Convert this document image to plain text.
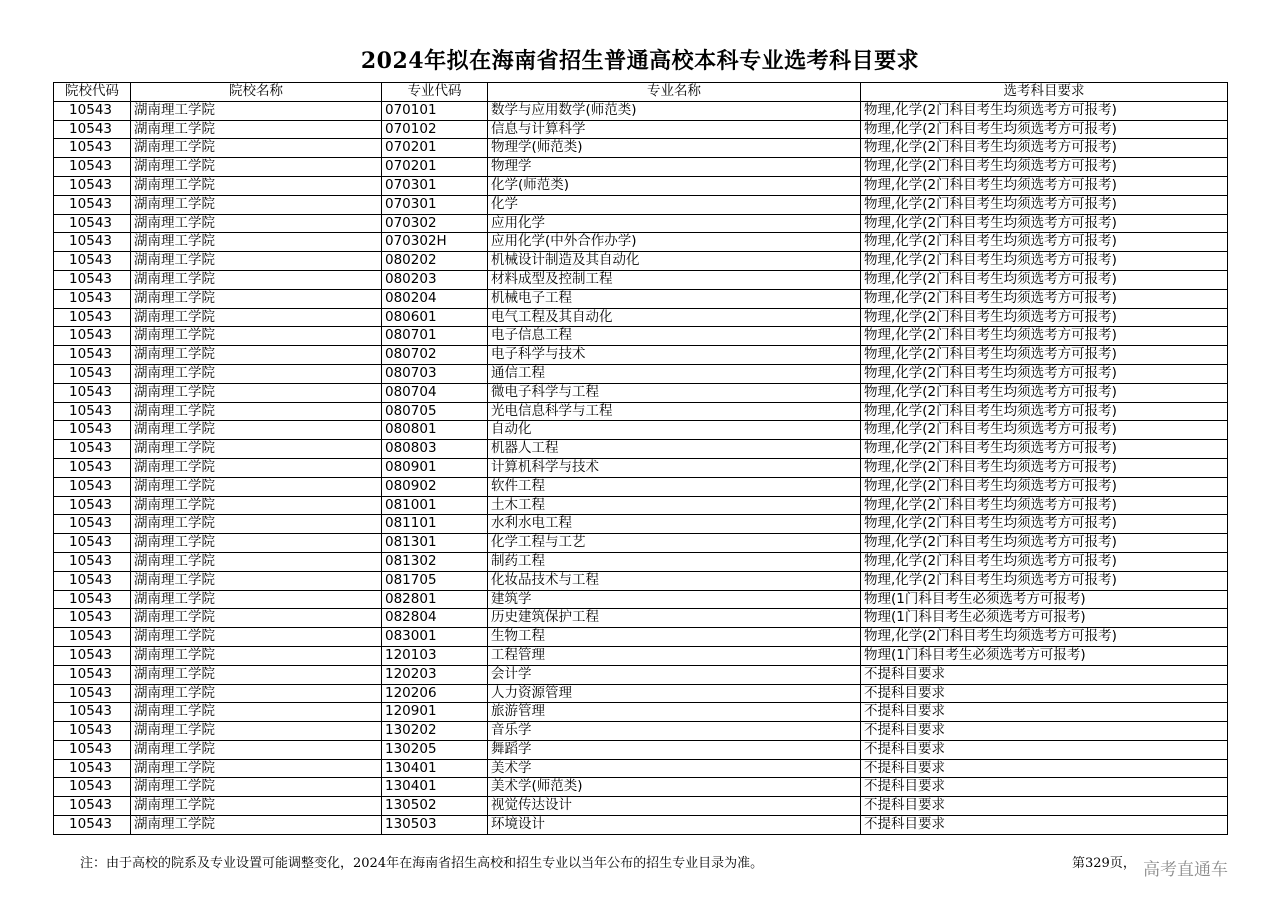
2024年拟在海南省招生普通高校本科专业选考科目要求
院校代码	院校名称	专业代码	专业名称	选考科目要求
10543	湖南理工学院	070101	数学与应用数学(师范类)	物理,化学(2门科目考生均须选考方可报考)
10543	湖南理工学院	070102	信息与计算科学	物理,化学(2门科目考生均须选考方可报考)
10543	湖南理工学院	070201	物理学(师范类)	物理,化学(2门科目考生均须选考方可报考)
10543	湖南理工学院	070201	物理学	物理,化学(2门科目考生均须选考方可报考)
10543	湖南理工学院	070301	化学(师范类)	物理,化学(2门科目考生均须选考方可报考)
10543	湖南理工学院	070301	化学	物理,化学(2门科目考生均须选考方可报考)
10543	湖南理工学院	070302	应用化学	物理,化学(2门科目考生均须选考方可报考)
10543	湖南理工学院	070302H	应用化学(中外合作办学)	物理,化学(2门科目考生均须选考方可报考)
10543	湖南理工学院	080202	机械设计制造及其自动化	物理,化学(2门科目考生均须选考方可报考)
10543	湖南理工学院	080203	材料成型及控制工程	物理,化学(2门科目考生均须选考方可报考)
10543	湖南理工学院	080204	机械电子工程	物理,化学(2门科目考生均须选考方可报考)
10543	湖南理工学院	080601	电气工程及其自动化	物理,化学(2门科目考生均须选考方可报考)
10543	湖南理工学院	080701	电子信息工程	物理,化学(2门科目考生均须选考方可报考)
10543	湖南理工学院	080702	电子科学与技术	物理,化学(2门科目考生均须选考方可报考)
10543	湖南理工学院	080703	通信工程	物理,化学(2门科目考生均须选考方可报考)
10543	湖南理工学院	080704	微电子科学与工程	物理,化学(2门科目考生均须选考方可报考)
10543	湖南理工学院	080705	光电信息科学与工程	物理,化学(2门科目考生均须选考方可报考)
10543	湖南理工学院	080801	自动化	物理,化学(2门科目考生均须选考方可报考)
10543	湖南理工学院	080803	机器人工程	物理,化学(2门科目考生均须选考方可报考)
10543	湖南理工学院	080901	计算机科学与技术	物理,化学(2门科目考生均须选考方可报考)
10543	湖南理工学院	080902	软件工程	物理,化学(2门科目考生均须选考方可报考)
10543	湖南理工学院	081001	土木工程	物理,化学(2门科目考生均须选考方可报考)
10543	湖南理工学院	081101	水利水电工程	物理,化学(2门科目考生均须选考方可报考)
10543	湖南理工学院	081301	化学工程与工艺	物理,化学(2门科目考生均须选考方可报考)
10543	湖南理工学院	081302	制药工程	物理,化学(2门科目考生均须选考方可报考)
10543	湖南理工学院	081705	化妆品技术与工程	物理,化学(2门科目考生均须选考方可报考)
10543	湖南理工学院	082801	建筑学	物理(1门科目考生必须选考方可报考)
10543	湖南理工学院	082804	历史建筑保护工程	物理(1门科目考生必须选考方可报考)
10543	湖南理工学院	083001	生物工程	物理,化学(2门科目考生均须选考方可报考)
10543	湖南理工学院	120103	工程管理	物理(1门科目考生必须选考方可报考)
10543	湖南理工学院	120203	会计学	不提科目要求
10543	湖南理工学院	120206	人力资源管理	不提科目要求
10543	湖南理工学院	120901	旅游管理	不提科目要求
10543	湖南理工学院	130202	音乐学	不提科目要求
10543	湖南理工学院	130205	舞蹈学	不提科目要求
10543	湖南理工学院	130401	美术学	不提科目要求
10543	湖南理工学院	130401	美术学(师范类)	不提科目要求
10543	湖南理工学院	130502	视觉传达设计	不提科目要求
10543	湖南理工学院	130503	环境设计	不提科目要求
注：由于高校的院系及专业设置可能调整变化，2024年在海南省招生高校和招生专业以当年公布的招生专业目录为准。	第329页， 高考直通车
